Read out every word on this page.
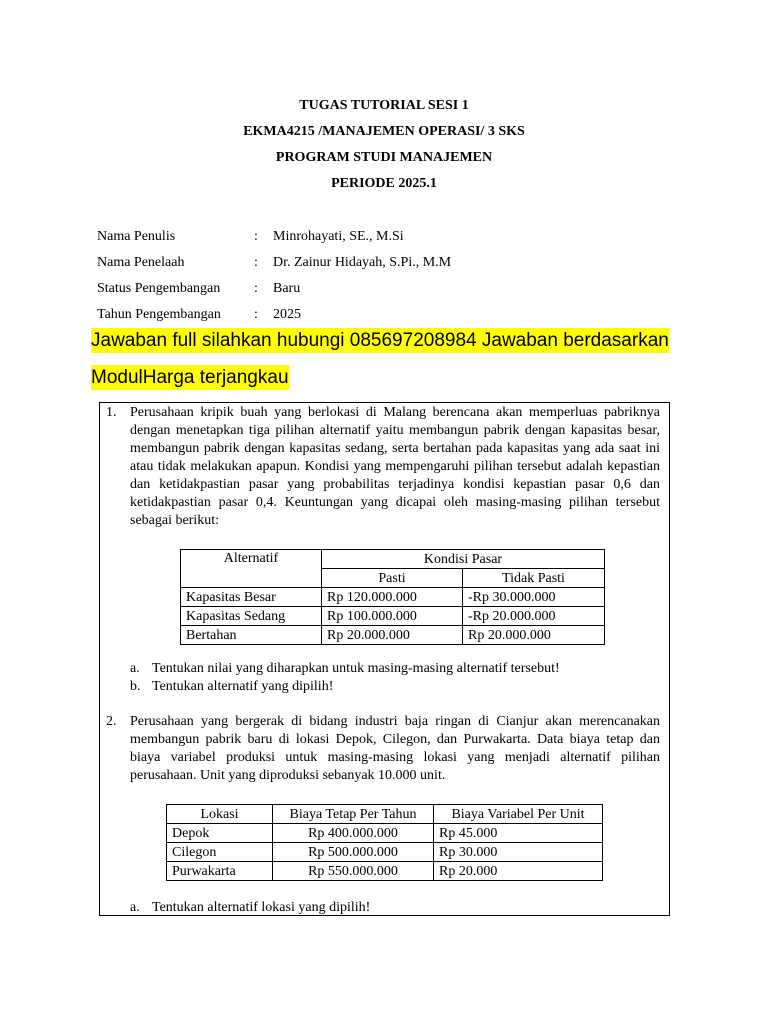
TUGAS TUTORIAL SESI 1
EKMA4215 /MANAJEMEN OPERASI/ 3 SKS
PROGRAM STUDI MANAJEMEN
PERIODE 2025.1
Nama Penulis	:	Minrohayati, SE., M.Si
Nama Penelaah	:	Dr. Zainur Hidayah, S.Pi., M.M
Status Pengembangan	:	Baru
Tahun Pengembangan	:	2025
Jawaban full silahkan hubungi 085697208984 Jawaban berdasarkan
ModulHarga terjangkau
1. Perusahaan kripik buah yang berlokasi di Malang berencana akan memperluas pabriknya dengan menetapkan tiga pilihan alternatif yaitu membangun pabrik dengan kapasitas besar, membangun pabrik dengan kapasitas sedang, serta bertahan pada kapasitas yang ada saat ini atau tidak melakukan apapun. Kondisi yang mempengaruhi pilihan tersebut adalah kepastian dan ketidakpastian pasar yang probabilitas terjadinya kondisi kepastian pasar 0,6 dan ketidakpastian pasar 0,4. Keuntungan yang dicapai oleh masing-masing pilihan tersebut sebagai berikut:
Alternatif	Kondisi Pasar	
	Pasti	Tidak Pasti
Kapasitas Besar	Rp 120.000.000	-Rp 30.000.000
Kapasitas Sedang	Rp 100.000.000	-Rp 20.000.000
Bertahan	Rp 20.000.000	Rp 20.000.000
a. Tentukan nilai yang diharapkan untuk masing-masing alternatif tersebut!
b. Tentukan alternatif yang dipilih!
2. Perusahaan yang bergerak di bidang industri baja ringan di Cianjur akan merencanakan membangun pabrik baru di lokasi Depok, Cilegon, dan Purwakarta. Data biaya tetap dan biaya variabel produksi untuk masing-masing lokasi yang menjadi alternatif pilihan perusahaan. Unit yang diproduksi sebanyak 10.000 unit.
Lokasi	Biaya Tetap Per Tahun	Biaya Variabel Per Unit
Depok	Rp 400.000.000	Rp 45.000
Cilegon	Rp 500.000.000	Rp 30.000
Purwakarta	Rp 550.000.000	Rp 20.000
a. Tentukan alternatif lokasi yang dipilih!
